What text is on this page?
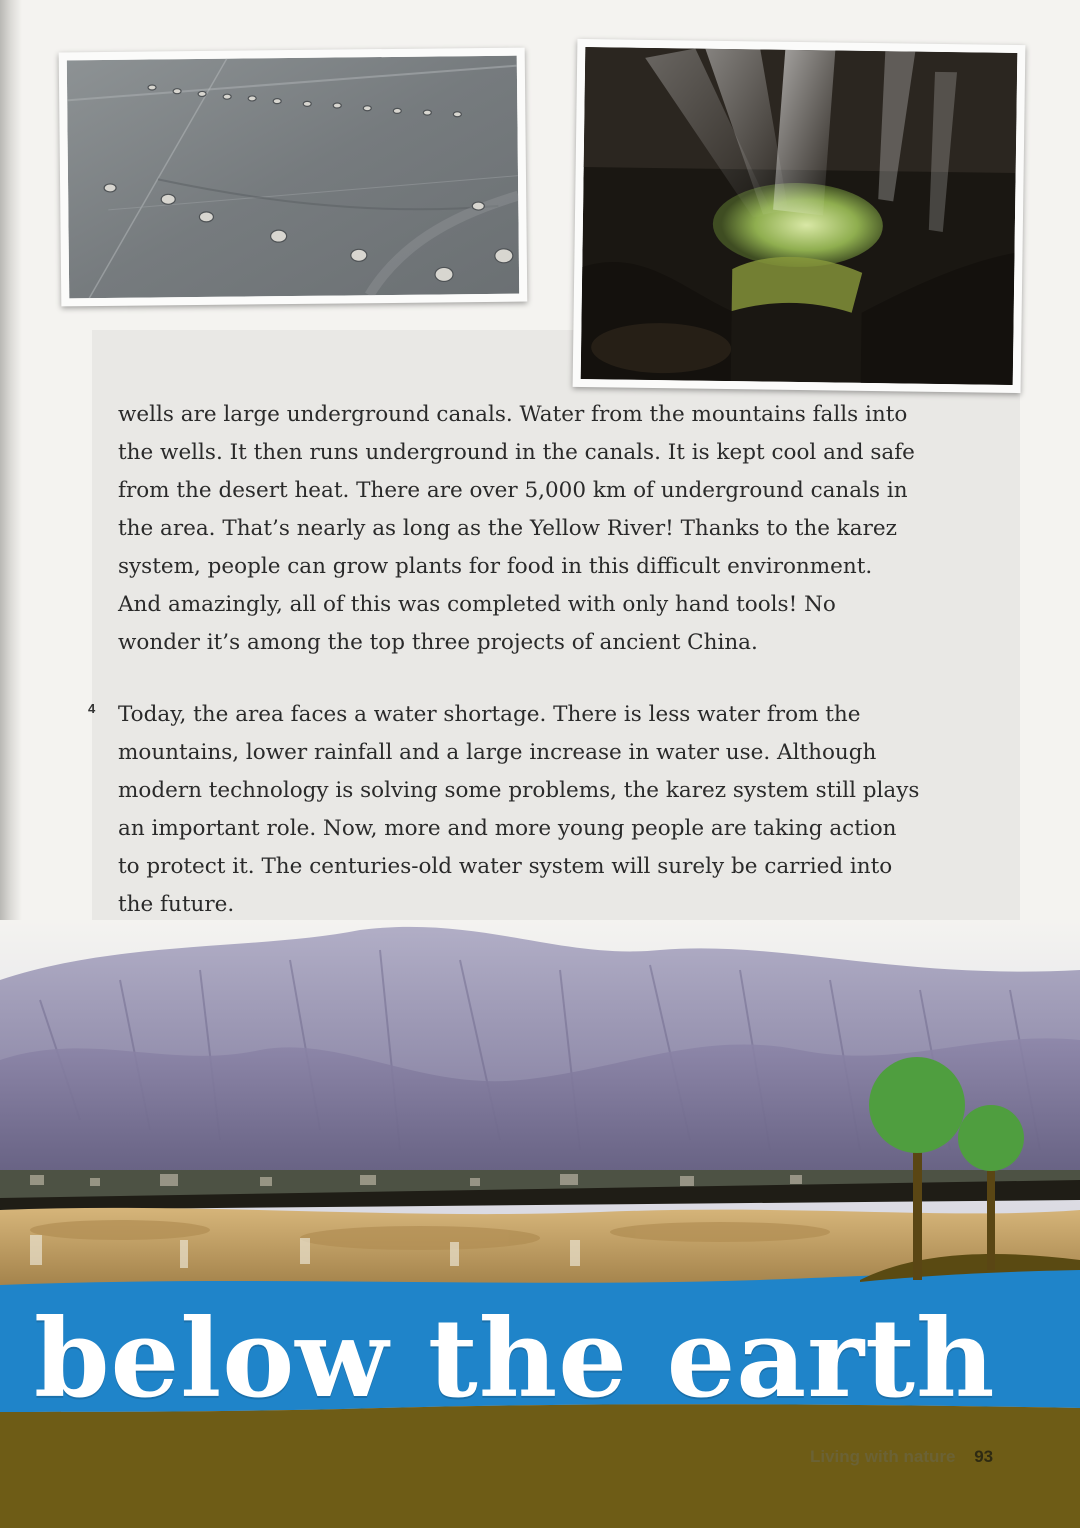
wells are large underground canals. Water from the mountains falls into
the wells. It then runs underground in the canals. It is kept cool and safe
from the desert heat. There are over 5,000 km of underground canals in
the area. That’s nearly as long as the Yellow River! Thanks to the karez
system, people can grow plants for food in this difficult environment.
And amazingly, all of this was completed with only hand tools! No
wonder it’s among the top three projects of ancient China.

4 Today, the area faces a water shortage. There is less water from the
mountains, lower rainfall and a large increase in water use. Although
modern technology is solving some problems, the karez system still plays
an important role. Now, more and more young people are taking action
to protect it. The centuries-old water system will surely be carried into
the future.

below the earth
Living with nature 93
